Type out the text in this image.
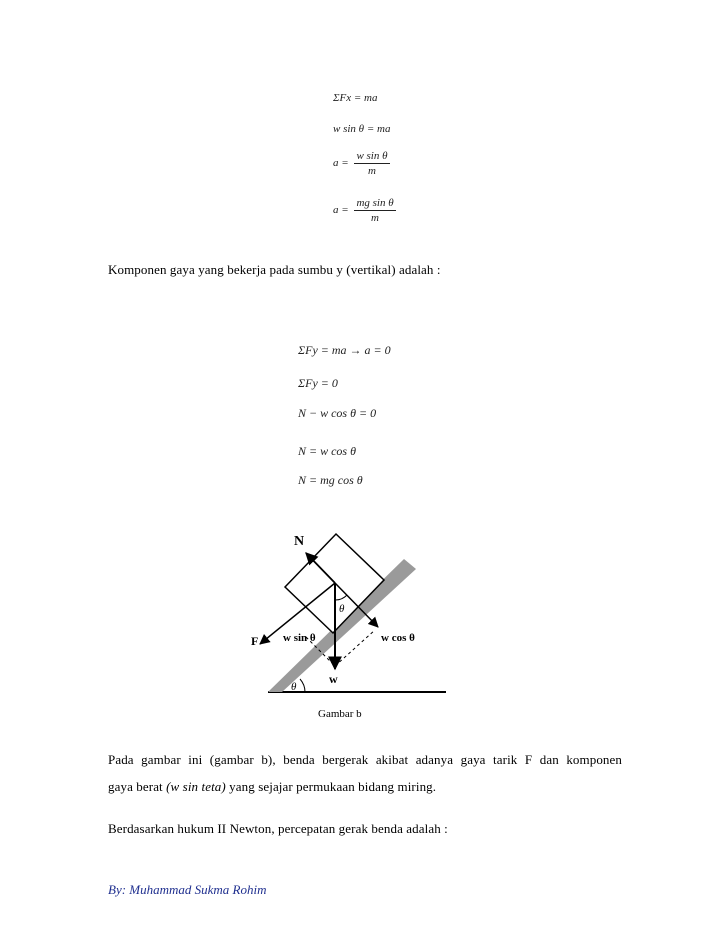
ΣFx = ma
w sin θ = ma
$a = \frac{\text{w sin θ}}{m}$
$a = \frac{\text{mg sin θ}}{m}$
Komponen gaya yang bekerja pada sumbu y (vertikal) adalah :
ΣFy = ma → a = 0
ΣFy = 0
N − w cos θ = 0
N = w cos θ
N = mg cos θ
N
θ
F w sin θ	w cos θ
w
θ
Gambar b
Pada gambar ini (gambar b), benda bergerak akibat adanya gaya tarik F dan komponen
gaya berat (w sin teta) yang sejajar permukaan bidang miring.
Berdasarkan hukum II Newton, percepatan gerak benda adalah :
By: Muhammad Sukma Rohim
